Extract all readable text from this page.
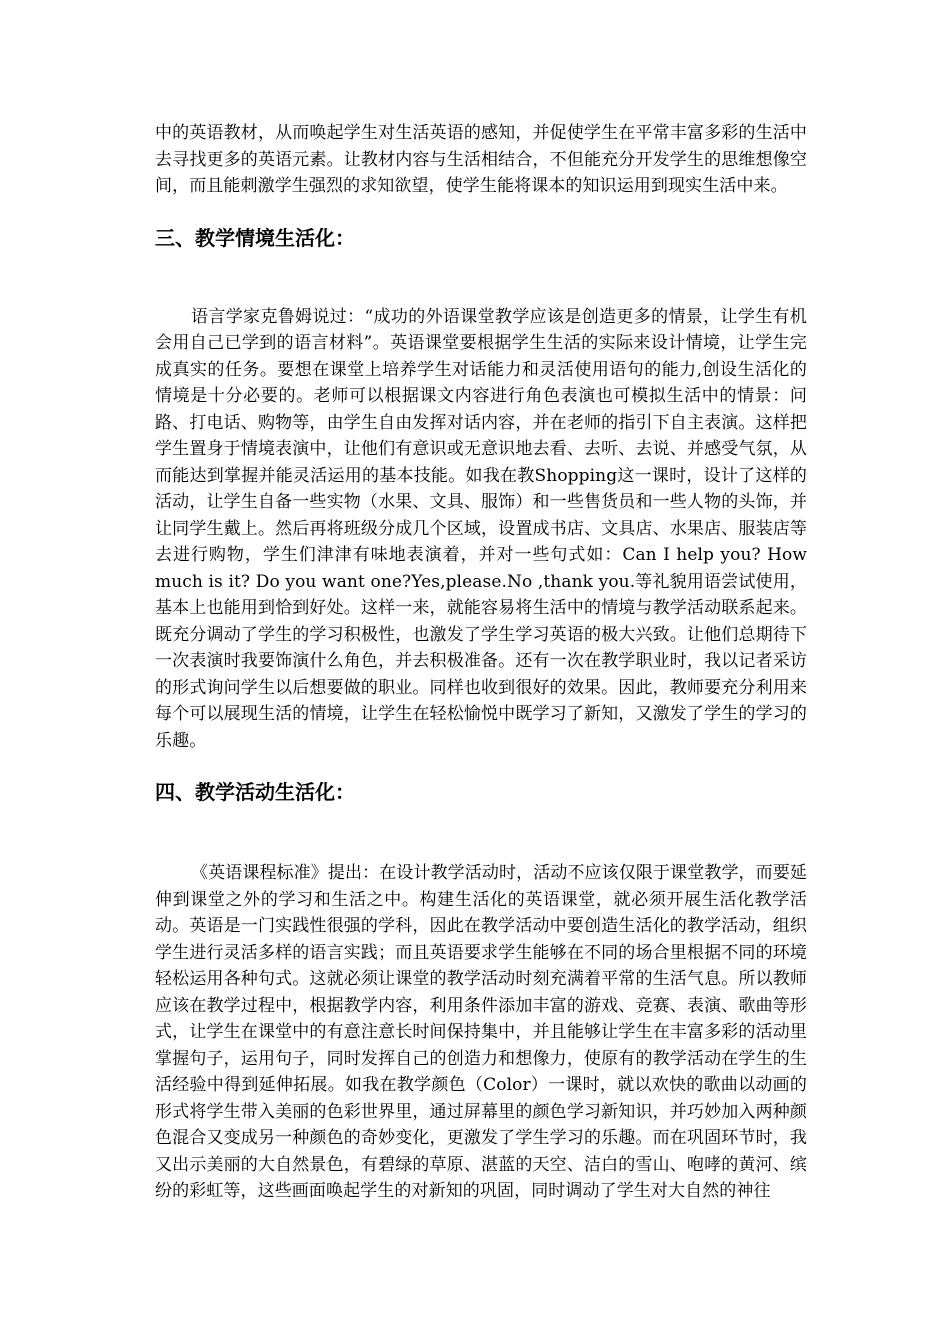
中的英语教材，从而唤起学生对生活英语的感知，并促使学生在平常丰富多彩的生活中去寻找更多的英语元素。让教材内容与生活相结合，不但能充分开发学生的思维想像空间，而且能刺激学生强烈的求知欲望，使学生能将课本的知识运用到现实生活中来。

三、教学情境生活化：

语言学家克鲁姆说过：“成功的外语课堂教学应该是创造更多的情景，让学生有机会用自己已学到的语言材料”。英语课堂要根据学生生活的实际来设计情境，让学生完成真实的任务。要想在课堂上培养学生对话能力和灵活使用语句的能力,创设生活化的情境是十分必要的。老师可以根据课文内容进行角色表演也可模拟生活中的情景：问路、打电话、购物等，由学生自由发挥对话内容，并在老师的指引下自主表演。这样把学生置身于情境表演中，让他们有意识或无意识地去看、去听、去说、并感受气氛，从而能达到掌握并能灵活运用的基本技能。如我在教Shopping这一课时，设计了这样的活动，让学生自备一些实物（水果、文具、服饰）和一些售货员和一些人物的头饰，并让同学生戴上。然后再将班级分成几个区域，设置成书店、文具店、水果店、服装店等去进行购物，学生们津津有味地表演着，并对一些句式如：Can I help you? How much is it? Do you want one?Yes,please.No ,thank you.等礼貌用语尝试使用，基本上也能用到恰到好处。这样一来，就能容易将生活中的情境与教学活动联系起来。既充分调动了学生的学习积极性，也激发了学生学习英语的极大兴致。让他们总期待下一次表演时我要饰演什么角色，并去积极准备。还有一次在教学职业时，我以记者采访的形式询问学生以后想要做的职业。同样也收到很好的效果。因此，教师要充分利用来每个可以展现生活的情境，让学生在轻松愉悦中既学习了新知，又激发了学生的学习的乐趣。

四、教学活动生活化：

《英语课程标准》提出：在设计教学活动时，活动不应该仅限于课堂教学，而要延伸到课堂之外的学习和生活之中。构建生活化的英语课堂，就必须开展生活化教学活动。英语是一门实践性很强的学科，因此在教学活动中要创造生活化的教学活动，组织学生进行灵活多样的语言实践；而且英语要求学生能够在不同的场合里根据不同的环境轻松运用各种句式。这就必须让课堂的教学活动时刻充满着平常的生活气息。所以教师应该在教学过程中，根据教学内容，利用条件添加丰富的游戏、竞赛、表演、歌曲等形式，让学生在课堂中的有意注意长时间保持集中，并且能够让学生在丰富多彩的活动里掌握句子，运用句子，同时发挥自己的创造力和想像力，使原有的教学活动在学生的生活经验中得到延伸拓展。如我在教学颜色（Color）一课时，就以欢快的歌曲以动画的形式将学生带入美丽的色彩世界里，通过屏幕里的颜色学习新知识，并巧妙加入两种颜色混合又变成另一种颜色的奇妙变化，更激发了学生学习的乐趣。而在巩固环节时，我又出示美丽的大自然景色，有碧绿的草原、湛蓝的天空、洁白的雪山、咆哮的黄河、缤纷的彩虹等，这些画面唤起学生的对新知的巩固，同时调动了学生对大自然的神往
